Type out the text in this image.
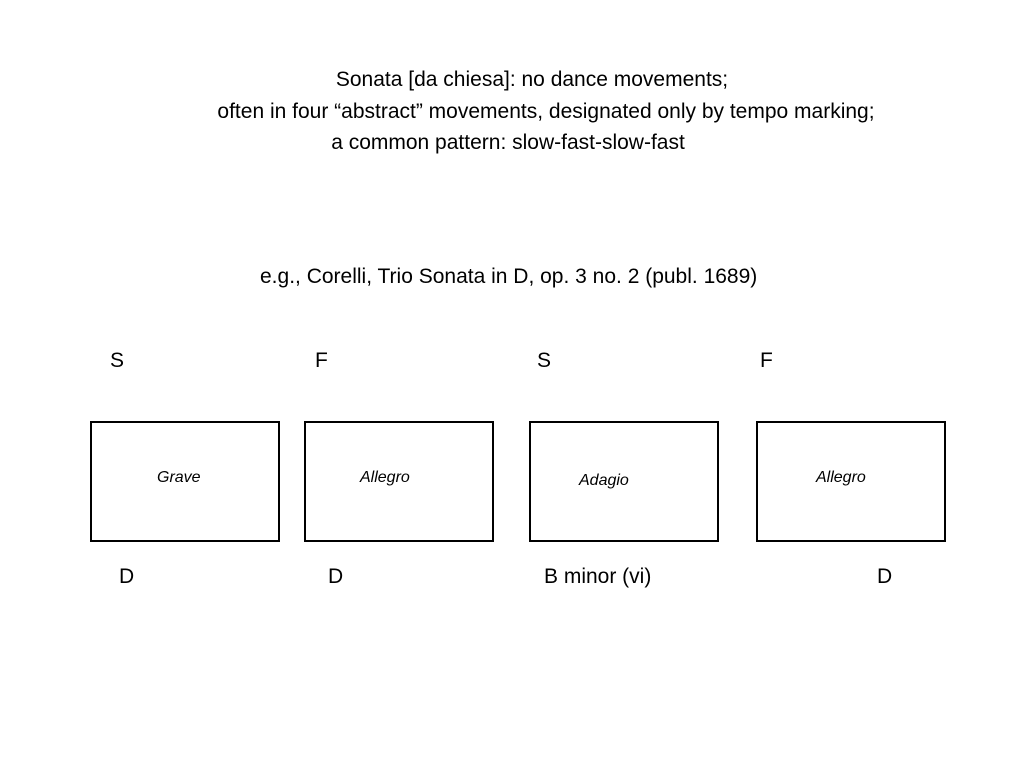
Sonata [da chiesa]: no dance movements;
often in four “abstract” movements, designated only by tempo marking;
a common pattern: slow-fast-slow-fast
e.g., Corelli, Trio Sonata in D, op. 3 no. 2 (publ. 1689)
S	F	S	F
Grave	Allegro	Adagio	Allegro
D	D	B minor (vi)	D
